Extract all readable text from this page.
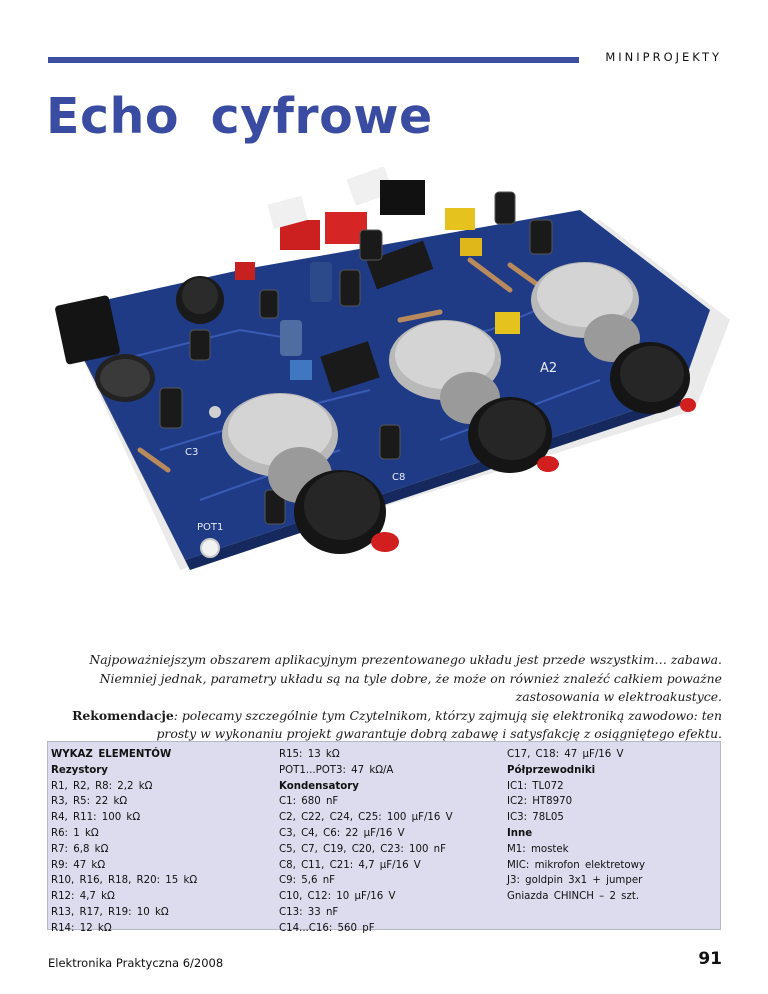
MINIPROJEKTY
Echo cyfrowe
POT1
A2
C8
C3

Najpoważniejszym obszarem aplikacyjnym prezentowanego układu jest przede wszystkim… zabawa.
Niemniej jednak, parametry układu są na tyle dobre, że może on również znaleźć całkiem poważne
zastosowania w elektroakustyce.
Rekomendacje: polecamy szczególnie tym Czytelnikom, którzy zajmują się elektroniką zawodowo: ten
prosty w wykonaniu projekt gwarantuje dobrą zabawę i satysfakcję z osiągniętego efektu.

WYKAZ ELEMENTÓW
Rezystory
R1, R2, R8: 2,2 kΩ
R3, R5: 22 kΩ
R4, R11: 100 kΩ
R6: 1 kΩ
R7: 6,8 kΩ
R9: 47 kΩ
R10, R16, R18, R20: 15 kΩ
R12: 4,7 kΩ
R13, R17, R19: 10 kΩ
R14: 12 kΩ
R15: 13 kΩ
POT1...POT3: 47 kΩ/A
Kondensatory
C1: 680 nF
C2, C22, C24, C25: 100 µF/16 V
C3, C4, C6: 22 µF/16 V
C5, C7, C19, C20, C23: 100 nF
C8, C11, C21: 4,7 µF/16 V
C9: 5,6 nF
C10, C12: 10 µF/16 V
C13: 33 nF
C14...C16: 560 pF
C17, C18: 47 µF/16 V
Półprzewodniki
IC1: TL072
IC2: HT8970
IC3: 78L05
Inne
M1: mostek
MIC: mikrofon elektretowy
J3: goldpin 3x1 + jumper
Gniazda CHINCH – 2 szt.
Elektronika Praktyczna 6/2008	91
